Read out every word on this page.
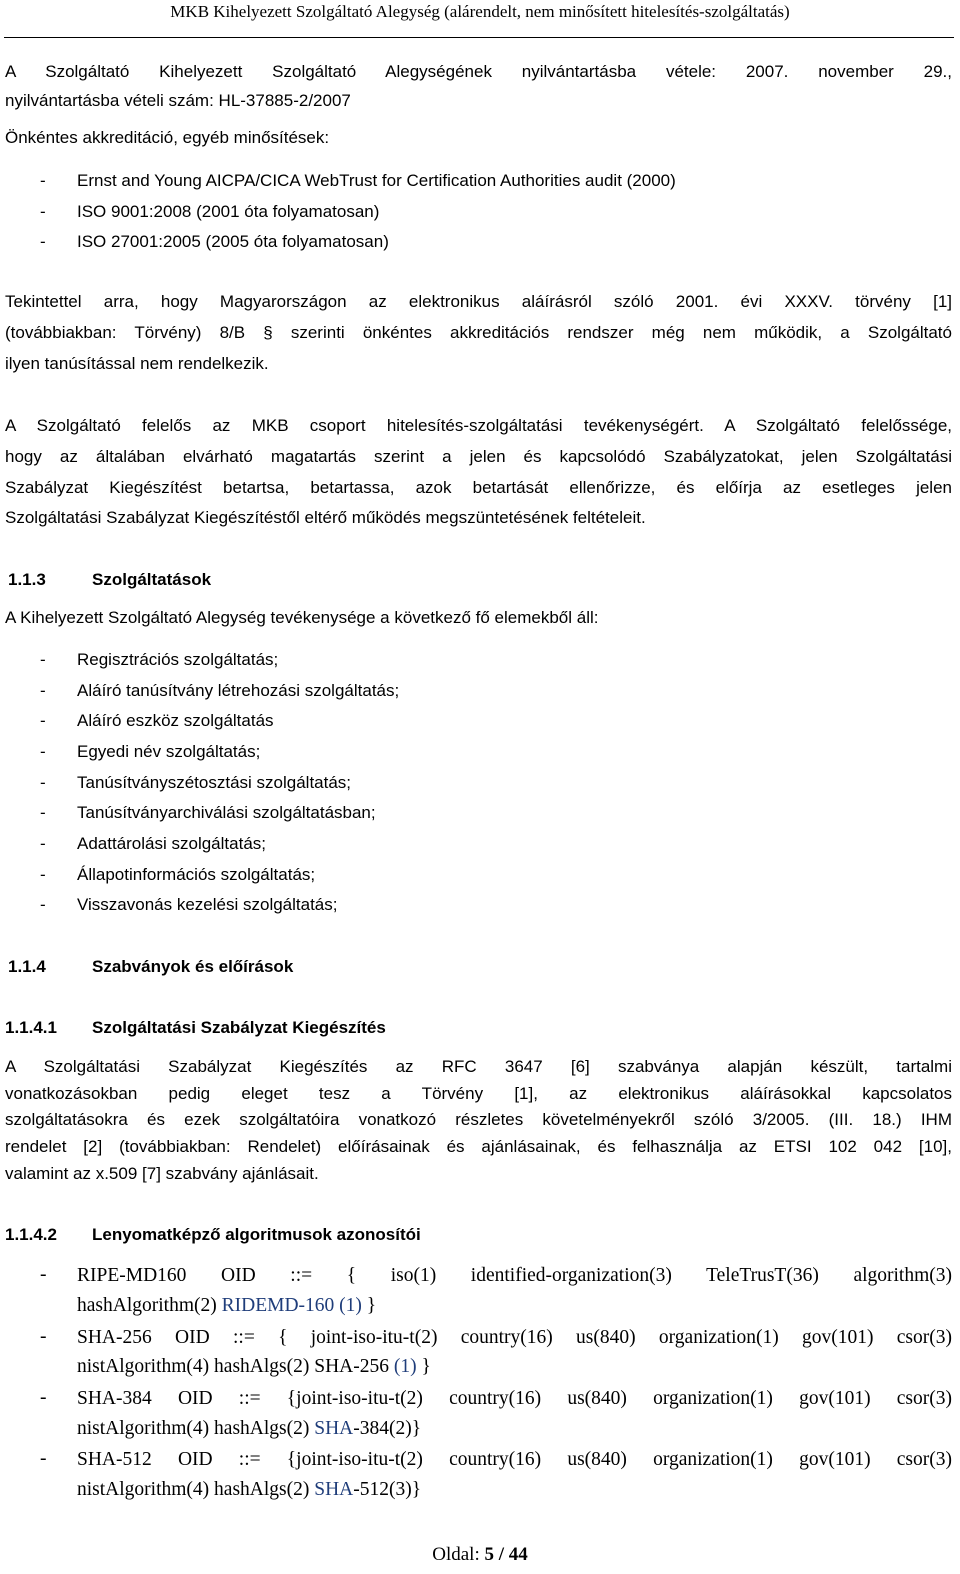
MKB Kihelyezett Szolgáltató Alegység (alárendelt, nem minősített hitelesítés-szolgáltatás)
A Szolgáltató Kihelyezett Szolgáltató Alegységének nyilvántartásba vétele: 2007. november 29.,
nyilvántartásba vételi szám: HL-37885-2/2007
Önkéntes akkreditáció, egyéb minősítések:
- Ernst and Young AICPA/CICA WebTrust for Certification Authorities audit (2000)
- ISO 9001:2008 (2001 óta folyamatosan)
- ISO 27001:2005 (2005 óta folyamatosan)
Tekintettel arra, hogy Magyarországon az elektronikus aláírásról szóló 2001. évi XXXV. törvény [1]
(továbbiakban: Törvény) 8/B § szerinti önkéntes akkreditációs rendszer még nem működik, a Szolgáltató
ilyen tanúsítással nem rendelkezik.
A Szolgáltató felelős az MKB csoport hitelesítés-szolgáltatási tevékenységért. A Szolgáltató felelőssége,
hogy az általában elvárható magatartás szerint a jelen és kapcsolódó Szabályzatokat, jelen Szolgáltatási
Szabályzat Kiegészítést betartsa, betartassa, azok betartását ellenőrizze, és előírja az esetleges jelen
Szolgáltatási Szabályzat Kiegészítéstől eltérő működés megszüntetésének feltételeit.
1.1.3	Szolgáltatások
A Kihelyezett Szolgáltató Alegység tevékenysége a következő fő elemekből áll:
- Regisztrációs szolgáltatás;
- Aláíró tanúsítvány létrehozási szolgáltatás;
- Aláíró eszköz szolgáltatás
- Egyedi név szolgáltatás;
- Tanúsítványszétosztási szolgáltatás;
- Tanúsítványarchiválási szolgáltatásban;
- Adattárolási szolgáltatás;
- Állapotinformációs szolgáltatás;
- Visszavonás kezelési szolgáltatás;
1.1.4	Szabványok és előírások
1.1.4.1 Szolgáltatási Szabályzat Kiegészítés
A Szolgáltatási Szabályzat Kiegészítés az RFC 3647 [6] szabványa alapján készült, tartalmi
vonatkozásokban pedig eleget tesz a Törvény [1], az elektronikus aláírásokkal kapcsolatos
szolgáltatásokra és ezek szolgáltatóira vonatkozó részletes követelményekről szóló 3/2005. (III. 18.) IHM
rendelet [2] (továbbiakban: Rendelet) előírásainak és ajánlásainak, és felhasználja az ETSI 102 042 [10],
valamint az x.509 [7] szabvány ajánlásait.
1.1.4.2 Lenyomatképző algoritmusok azonosítói
- RIPE-MD160 OID ::= { iso(1) identified-organization(3) TeleTrusT(36) algorithm(3)
hashAlgorithm(2) RIDEMD-160 (1) }
- SHA-256 OID ::= { joint-iso-itu-t(2) country(16) us(840) organization(1) gov(101) csor(3)
nistAlgorithm(4) hashAlgs(2) SHA-256 (1) }
- SHA-384 OID ::= {joint-iso-itu-t(2) country(16) us(840) organization(1) gov(101) csor(3)
nistAlgorithm(4) hashAlgs(2) SHA-384(2)}
- SHA-512 OID ::= {joint-iso-itu-t(2) country(16) us(840) organization(1) gov(101) csor(3)
nistAlgorithm(4) hashAlgs(2) SHA-512(3)}
Oldal: 5 / 44
